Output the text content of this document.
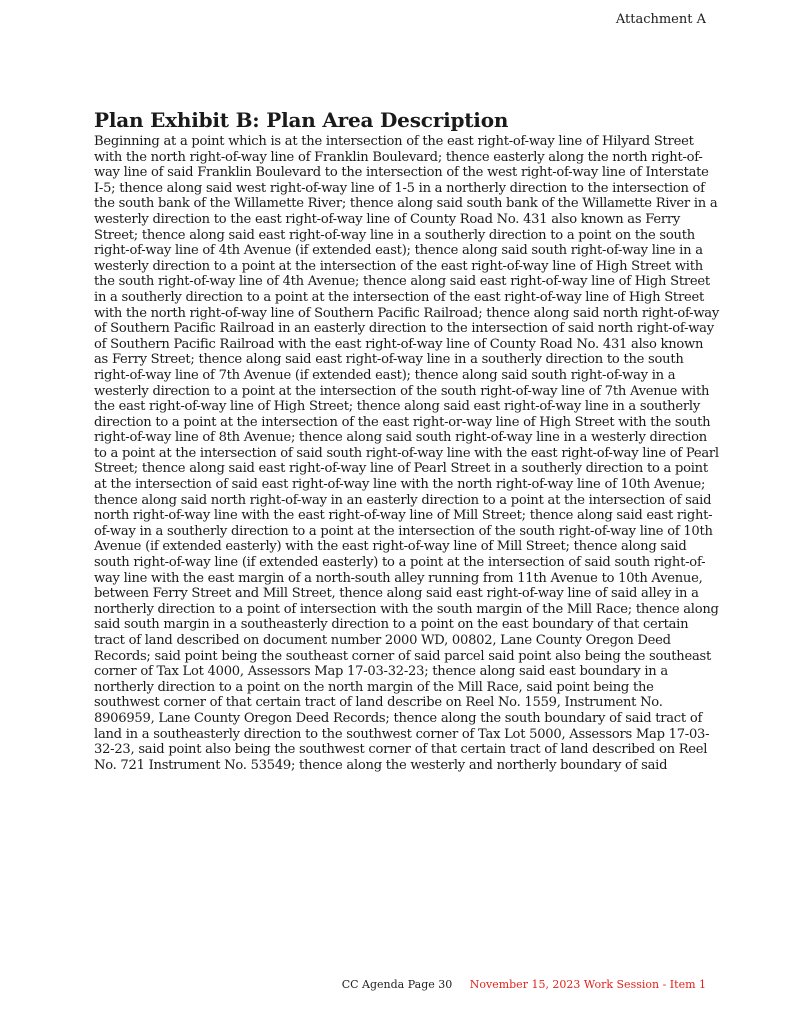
Attachment A
Plan Exhibit B: Plan Area Description

Beginning at a point which is at the intersection of the east right-of-way line of Hilyard Street with the north right-of-way line of Franklin Boulevard; thence easterly along the north right-of-way line of said Franklin Boulevard to the intersection of the west right-of-way line of Interstate I-5; thence along said west right-of-way line of 1-5 in a northerly direction to the intersection of the south bank of the Willamette River; thence along said south bank of the Willamette River in a westerly direction to the east right-of-way line of County Road No. 431 also known as Ferry Street; thence along said east right-of-way line in a southerly direction to a point on the south right-of-way line of 4th Avenue (if extended east); thence along said south right-of-way line in a westerly direction to a point at the intersection of the east right-of-way line of High Street with the south right-of-way line of 4th Avenue; thence along said east right-of-way line of High Street in a southerly direction to a point at the intersection of the east right-of-way line of High Street with the north right-of-way line of Southern Pacific Railroad; thence along said north right-of-way of Southern Pacific Railroad in an easterly direction to the intersection of said north right-of-way of Southern Pacific Railroad with the east right-of-way line of County Road No. 431 also known as Ferry Street; thence along said east right-of-way line in a southerly direction to the south right-of-way line of 7th Avenue (if extended east); thence along said south right-of-way in a westerly direction to a point at the intersection of the south right-of-way line of 7th Avenue with the east right-of-way line of High Street; thence along said east right-of-way line in a southerly direction to a point at the intersection of the east right-or-way line of High Street with the south right-of-way line of 8th Avenue; thence along said south right-of-way line in a westerly direction to a point at the intersection of said south right-of-way line with the east right-of-way line of Pearl Street; thence along said east right-of-way line of Pearl Street in a southerly direction to a point at the intersection of said east right-of-way line with the north right-of-way line of 10th Avenue; thence along said north right-of-way in an easterly direction to a point at the intersection of said north right-of-way line with the east right-of-way line of Mill Street; thence along said east right-of-way in a southerly direction to a point at the intersection of the south right-of-way line of 10th Avenue (if extended easterly) with the east right-of-way line of Mill Street; thence along said south right-of-way line (if extended easterly) to a point at the intersection of said south right-of-way line with the east margin of a north-south alley running from 11th Avenue to 10th Avenue, between Ferry Street and Mill Street, thence along said east right-of-way line of said alley in a northerly direction to a point of intersection with the south margin of the Mill Race; thence along said south margin in a southeasterly direction to a point on the east boundary of that certain tract of land described on document number 2000 WD, 00802, Lane County Oregon Deed Records; said point being the southeast corner of said parcel said point also being the southeast corner of Tax Lot 4000, Assessors Map 17-03-32-23; thence along said east boundary in a northerly direction to a point on the north margin of the Mill Race, said point being the southwest corner of that certain tract of land describe on Reel No. 1559, Instrument No. 8906959, Lane County Oregon Deed Records; thence along the south boundary of said tract of land in a southeasterly direction to the southwest corner of Tax Lot 5000, Assessors Map 17-03-32-23, said point also being the southwest corner of that certain tract of land described on Reel No. 721 Instrument No. 53549; thence along the westerly and northerly boundary of said

CC Agenda Page 30 November 15, 2023 Work Session - Item 1
